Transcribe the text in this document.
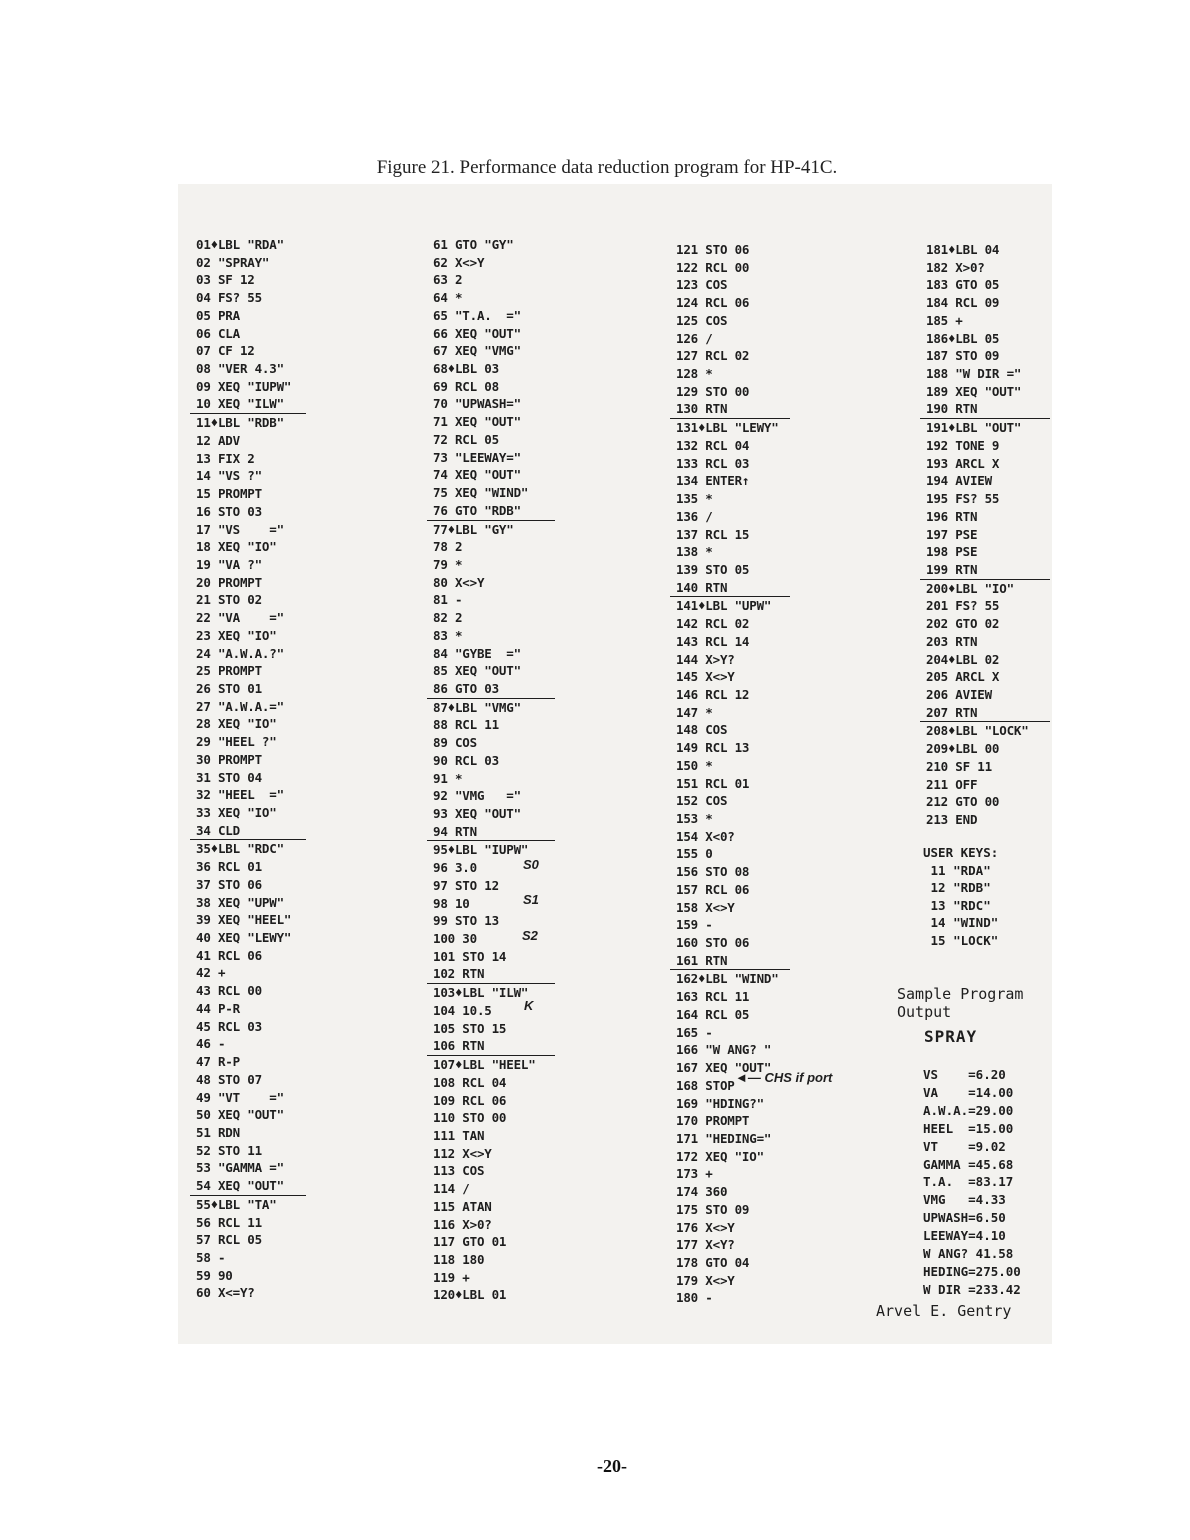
Figure 21. Performance data reduction program for HP-41C.
01♦LBL "RDA"
02 "SPRAY"
03 SF 12
04 FS? 55
05 PRA
06 CLA
07 CF 12
08 "VER 4.3"
09 XEQ "IUPW"
10 XEQ "ILW"
11♦LBL "RDB"
12 ADV
13 FIX 2
14 "VS ?"
15 PROMPT
16 STO 03
17 "VS    ="
18 XEQ "IO"
19 "VA ?"
20 PROMPT
21 STO 02
22 "VA    ="
23 XEQ "IO"
24 "A.W.A.?"
25 PROMPT
26 STO 01
27 "A.W.A.="
28 XEQ "IO"
29 "HEEL ?"
30 PROMPT
31 STO 04
32 "HEEL  ="
33 XEQ "IO"
34 CLD
35♦LBL "RDC"
36 RCL 01
37 STO 06
38 XEQ "UPW"
39 XEQ "HEEL"
40 XEQ "LEWY"
41 RCL 06
42 +
43 RCL 00
44 P-R
45 RCL 03
46 -
47 R-P
48 STO 07
49 "VT    ="
50 XEQ "OUT"
51 RDN
52 STO 11
53 "GAMMA ="
54 XEQ "OUT"
55♦LBL "TA"
56 RCL 11
57 RCL 05
58 -
59 90
60 X<=Y?
61 GTO "GY"
62 X<>Y
63 2
64 *
65 "T.A.  ="
66 XEQ "OUT"
67 XEQ "VMG"
68♦LBL 03
69 RCL 08
70 "UPWASH="
71 XEQ "OUT"
72 RCL 05
73 "LEEWAY="
74 XEQ "OUT"
75 XEQ "WIND"
76 GTO "RDB"
77♦LBL "GY"
78 2
79 *
80 X<>Y
81 -
82 2
83 *
84 "GYBE  ="
85 XEQ "OUT"
86 GTO 03
87♦LBL "VMG"
88 RCL 11
89 COS
90 RCL 03
91 *
92 "VMG   ="
93 XEQ "OUT"
94 RTN
95♦LBL "IUPW"
96 3.0
97 STO 12
98 10
99 STO 13
100 30
101 STO 14
102 RTN
103♦LBL "ILW"
104 10.5
105 STO 15
106 RTN
107♦LBL "HEEL"
108 RCL 04
109 RCL 06
110 STO 00
111 TAN
112 X<>Y
113 COS
114 /
115 ATAN
116 X>0?
117 GTO 01
118 180
119 +
120♦LBL 01
121 STO 06
122 RCL 00
123 COS
124 RCL 06
125 COS
126 /
127 RCL 02
128 *
129 STO 00
130 RTN
131♦LBL "LEWY"
132 RCL 04
133 RCL 03
134 ENTER↑
135 *
136 /
137 RCL 15
138 *
139 STO 05
140 RTN
141♦LBL "UPW"
142 RCL 02
143 RCL 14
144 X>Y?
145 X<>Y
146 RCL 12
147 *
148 COS
149 RCL 13
150 *
151 RCL 01
152 COS
153 *
154 X<0?
155 0
156 STO 08
157 RCL 06
158 X<>Y
159 -
160 STO 06
161 RTN
162♦LBL "WIND"
163 RCL 11
164 RCL 05
165 -
166 "W ANG? "
167 XEQ "OUT"
168 STOP
169 "HDING?"
170 PROMPT
171 "HEDING="
172 XEQ "IO"
173 +
174 360
175 STO 09
176 X<>Y
177 X<Y?
178 GTO 04
179 X<>Y
180 -
181♦LBL 04
182 X>0?
183 GTO 05
184 RCL 09
185 +
186♦LBL 05
187 STO 09
188 "W DIR ="
189 XEQ "OUT"
190 RTN
191♦LBL "OUT"
192 TONE 9
193 ARCL X
194 AVIEW
195 FS? 55
196 RTN
197 PSE
198 PSE
199 RTN
200♦LBL "IO"
201 FS? 55
202 GTO 02
203 RTN
204♦LBL 02
205 ARCL X
206 AVIEW
207 RTN
208♦LBL "LOCK"
209♦LBL 00
210 SF 11
211 OFF
212 GTO 00
213 END
S0
S1
S2
K
◄— CHS if port
USER KEYS:
11 "RDA"
12 "RDB"
13 "RDC"
14 "WIND"
15 "LOCK"
Sample Program
Output
SPRAY
VS    =6.20
VA    =14.00
A.W.A.=29.00
HEEL  =15.00
VT    =9.02
GAMMA =45.68
T.A.  =83.17
VMG   =4.33
UPWASH=6.50
LEEWAY=4.10
W ANG? 41.58
HEDING=275.00
W DIR =233.42
Arvel E. Gentry
-20-
